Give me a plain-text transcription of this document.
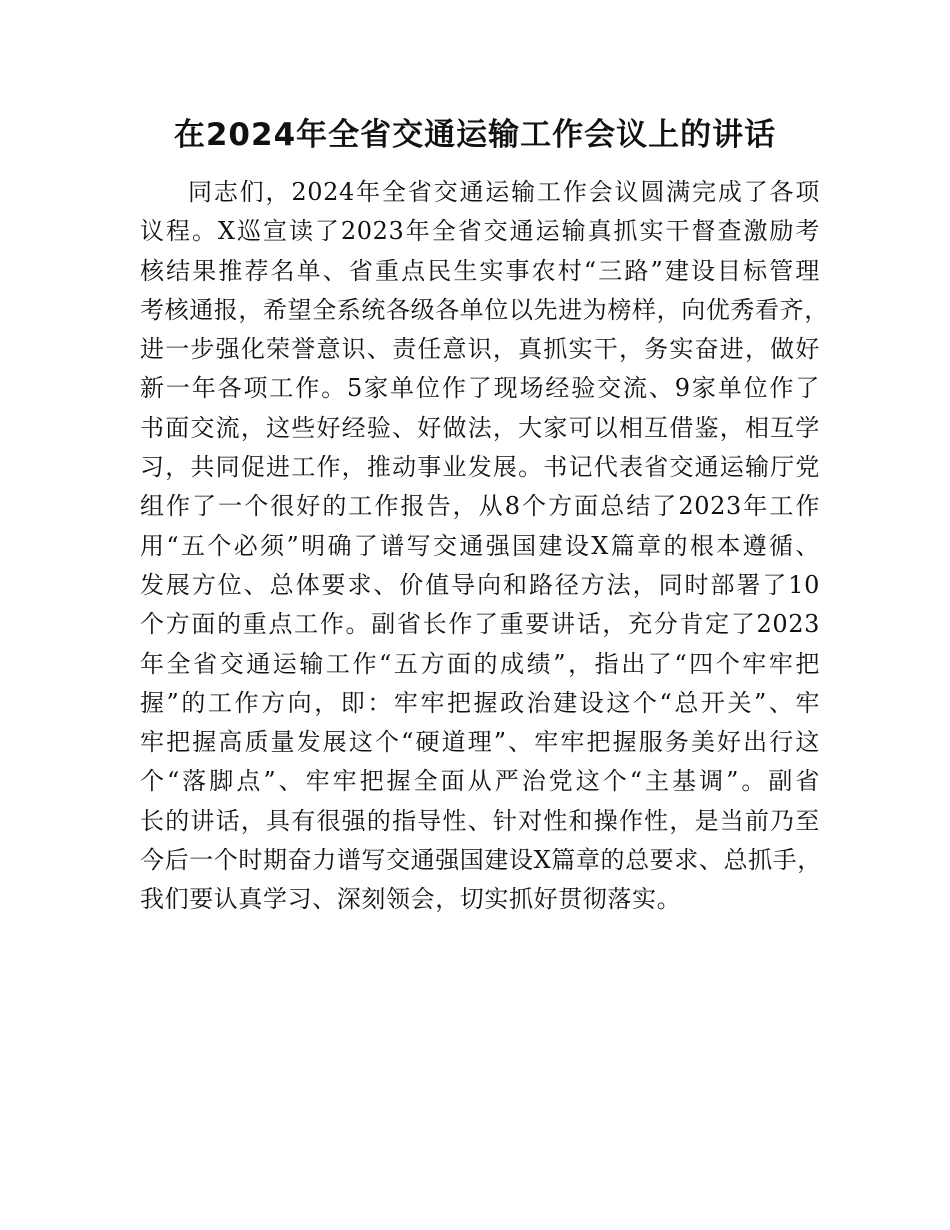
在2024年全省交通运输工作会议上的讲话
同志们，2024年全省交通运输工作会议圆满完成了各项
议程。X巡宣读了2023年全省交通运输真抓实干督查激励考
核结果推荐名单、省重点民生实事农村“三路”建设目标管理
考核通报，希望全系统各级各单位以先进为榜样，向优秀看齐，
进一步强化荣誉意识、责任意识，真抓实干，务实奋进，做好
新一年各项工作。5家单位作了现场经验交流、9家单位作了
书面交流，这些好经验、好做法，大家可以相互借鉴，相互学
习，共同促进工作，推动事业发展。书记代表省交通运输厅党
组作了一个很好的工作报告，从8个方面总结了2023年工作
用“五个必须”明确了谱写交通强国建设X篇章的根本遵循、
发展方位、总体要求、价值导向和路径方法，同时部署了10
个方面的重点工作。副省长作了重要讲话，充分肯定了2023
年全省交通运输工作“五方面的成绩”，指出了“四个牢牢把
握”的工作方向，即：牢牢把握政治建设这个“总开关”、牢
牢把握高质量发展这个“硬道理”、牢牢把握服务美好出行这
个“落脚点”、牢牢把握全面从严治党这个“主基调”。副省
长的讲话，具有很强的指导性、针对性和操作性，是当前乃至
今后一个时期奋力谱写交通强国建设X篇章的总要求、总抓手，
我们要认真学习、深刻领会，切实抓好贯彻落实。
